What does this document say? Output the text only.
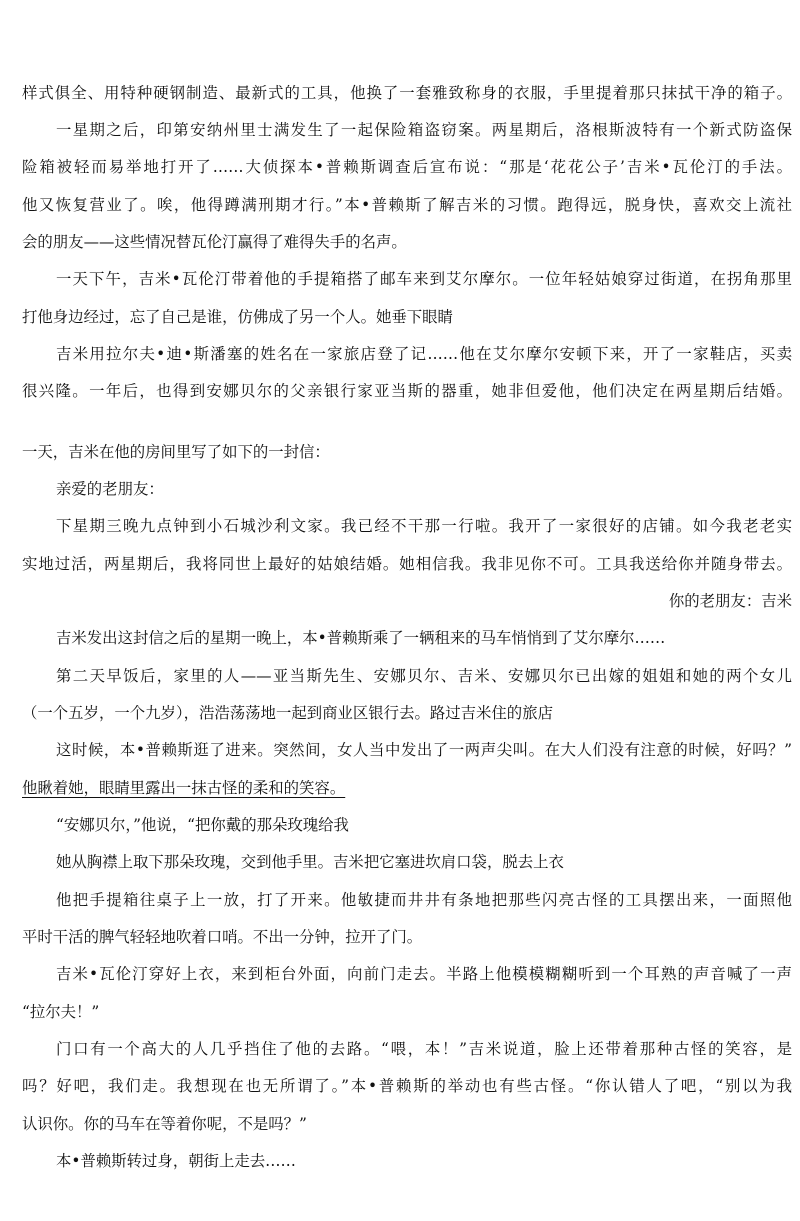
样式俱全、用特种硬钢制造、最新式的工具，他换了一套雅致称身的衣服，手里提着那只抹拭干净的箱子。
一星期之后，印第安纳州里士满发生了一起保险箱盗窃案。两星期后，洛根斯波特有一个新式防盗保
险箱被轻而易举地打开了……大侦探本•普赖斯调查后宣布说：“那是‘花花公子’吉米•瓦伦汀的手法。
他又恢复营业了。唉，他得蹲满刑期才行。”本•普赖斯了解吉米的习惯。跑得远，脱身快，喜欢交上流社
会的朋友——这些情况替瓦伦汀赢得了难得失手的名声。
一天下午，吉米•瓦伦汀带着他的手提箱搭了邮车来到艾尔摩尔。一位年轻姑娘穿过街道，在拐角那里
打他身边经过，忘了自己是谁，仿佛成了另一个人。她垂下眼睛
吉米用拉尔夫•迪•斯潘塞的姓名在一家旅店登了记……他在艾尔摩尔安顿下来，开了一家鞋店，买卖
很兴隆。一年后，也得到安娜贝尔的父亲银行家亚当斯的器重，她非但爱他，他们决定在两星期后结婚。
一天，吉米在他的房间里写了如下的一封信：
亲爱的老朋友：
下星期三晚九点钟到小石城沙利文家。我已经不干那一行啦。我开了一家很好的店铺。如今我老老实
实地过活，两星期后，我将同世上最好的姑娘结婚。她相信我。我非见你不可。工具我送给你并随身带去。
你的老朋友：吉米
吉米发出这封信之后的星期一晚上，本•普赖斯乘了一辆租来的马车悄悄到了艾尔摩尔……
第二天早饭后，家里的人——亚当斯先生、安娜贝尔、吉米、安娜贝尔已出嫁的姐姐和她的两个女儿
（一个五岁，一个九岁），浩浩荡荡地一起到商业区银行去。路过吉米住的旅店
这时候，本•普赖斯逛了进来。突然间，女人当中发出了一两声尖叫。在大人们没有注意的时候，好吗？”
他瞅着她，眼睛里露出一抹古怪的柔和的笑容。
“安娜贝尔，”他说，“把你戴的那朵玫瑰给我
她从胸襟上取下那朵玫瑰，交到他手里。吉米把它塞进坎肩口袋，脱去上衣
他把手提箱往桌子上一放，打了开来。他敏捷而井井有条地把那些闪亮古怪的工具摆出来，一面照他
平时干活的脾气轻轻地吹着口哨。不出一分钟，拉开了门。
吉米•瓦伦汀穿好上衣，来到柜台外面，向前门走去。半路上他模模糊糊听到一个耳熟的声音喊了一声
“拉尔夫！”
门口有一个高大的人几乎挡住了他的去路。“喂，本！”吉米说道，脸上还带着那种古怪的笑容，是
吗？好吧，我们走。我想现在也无所谓了。”本•普赖斯的举动也有些古怪。“你认错人了吧，“别以为我
认识你。你的马车在等着你呢，不是吗？”
本•普赖斯转过身，朝街上走去……
